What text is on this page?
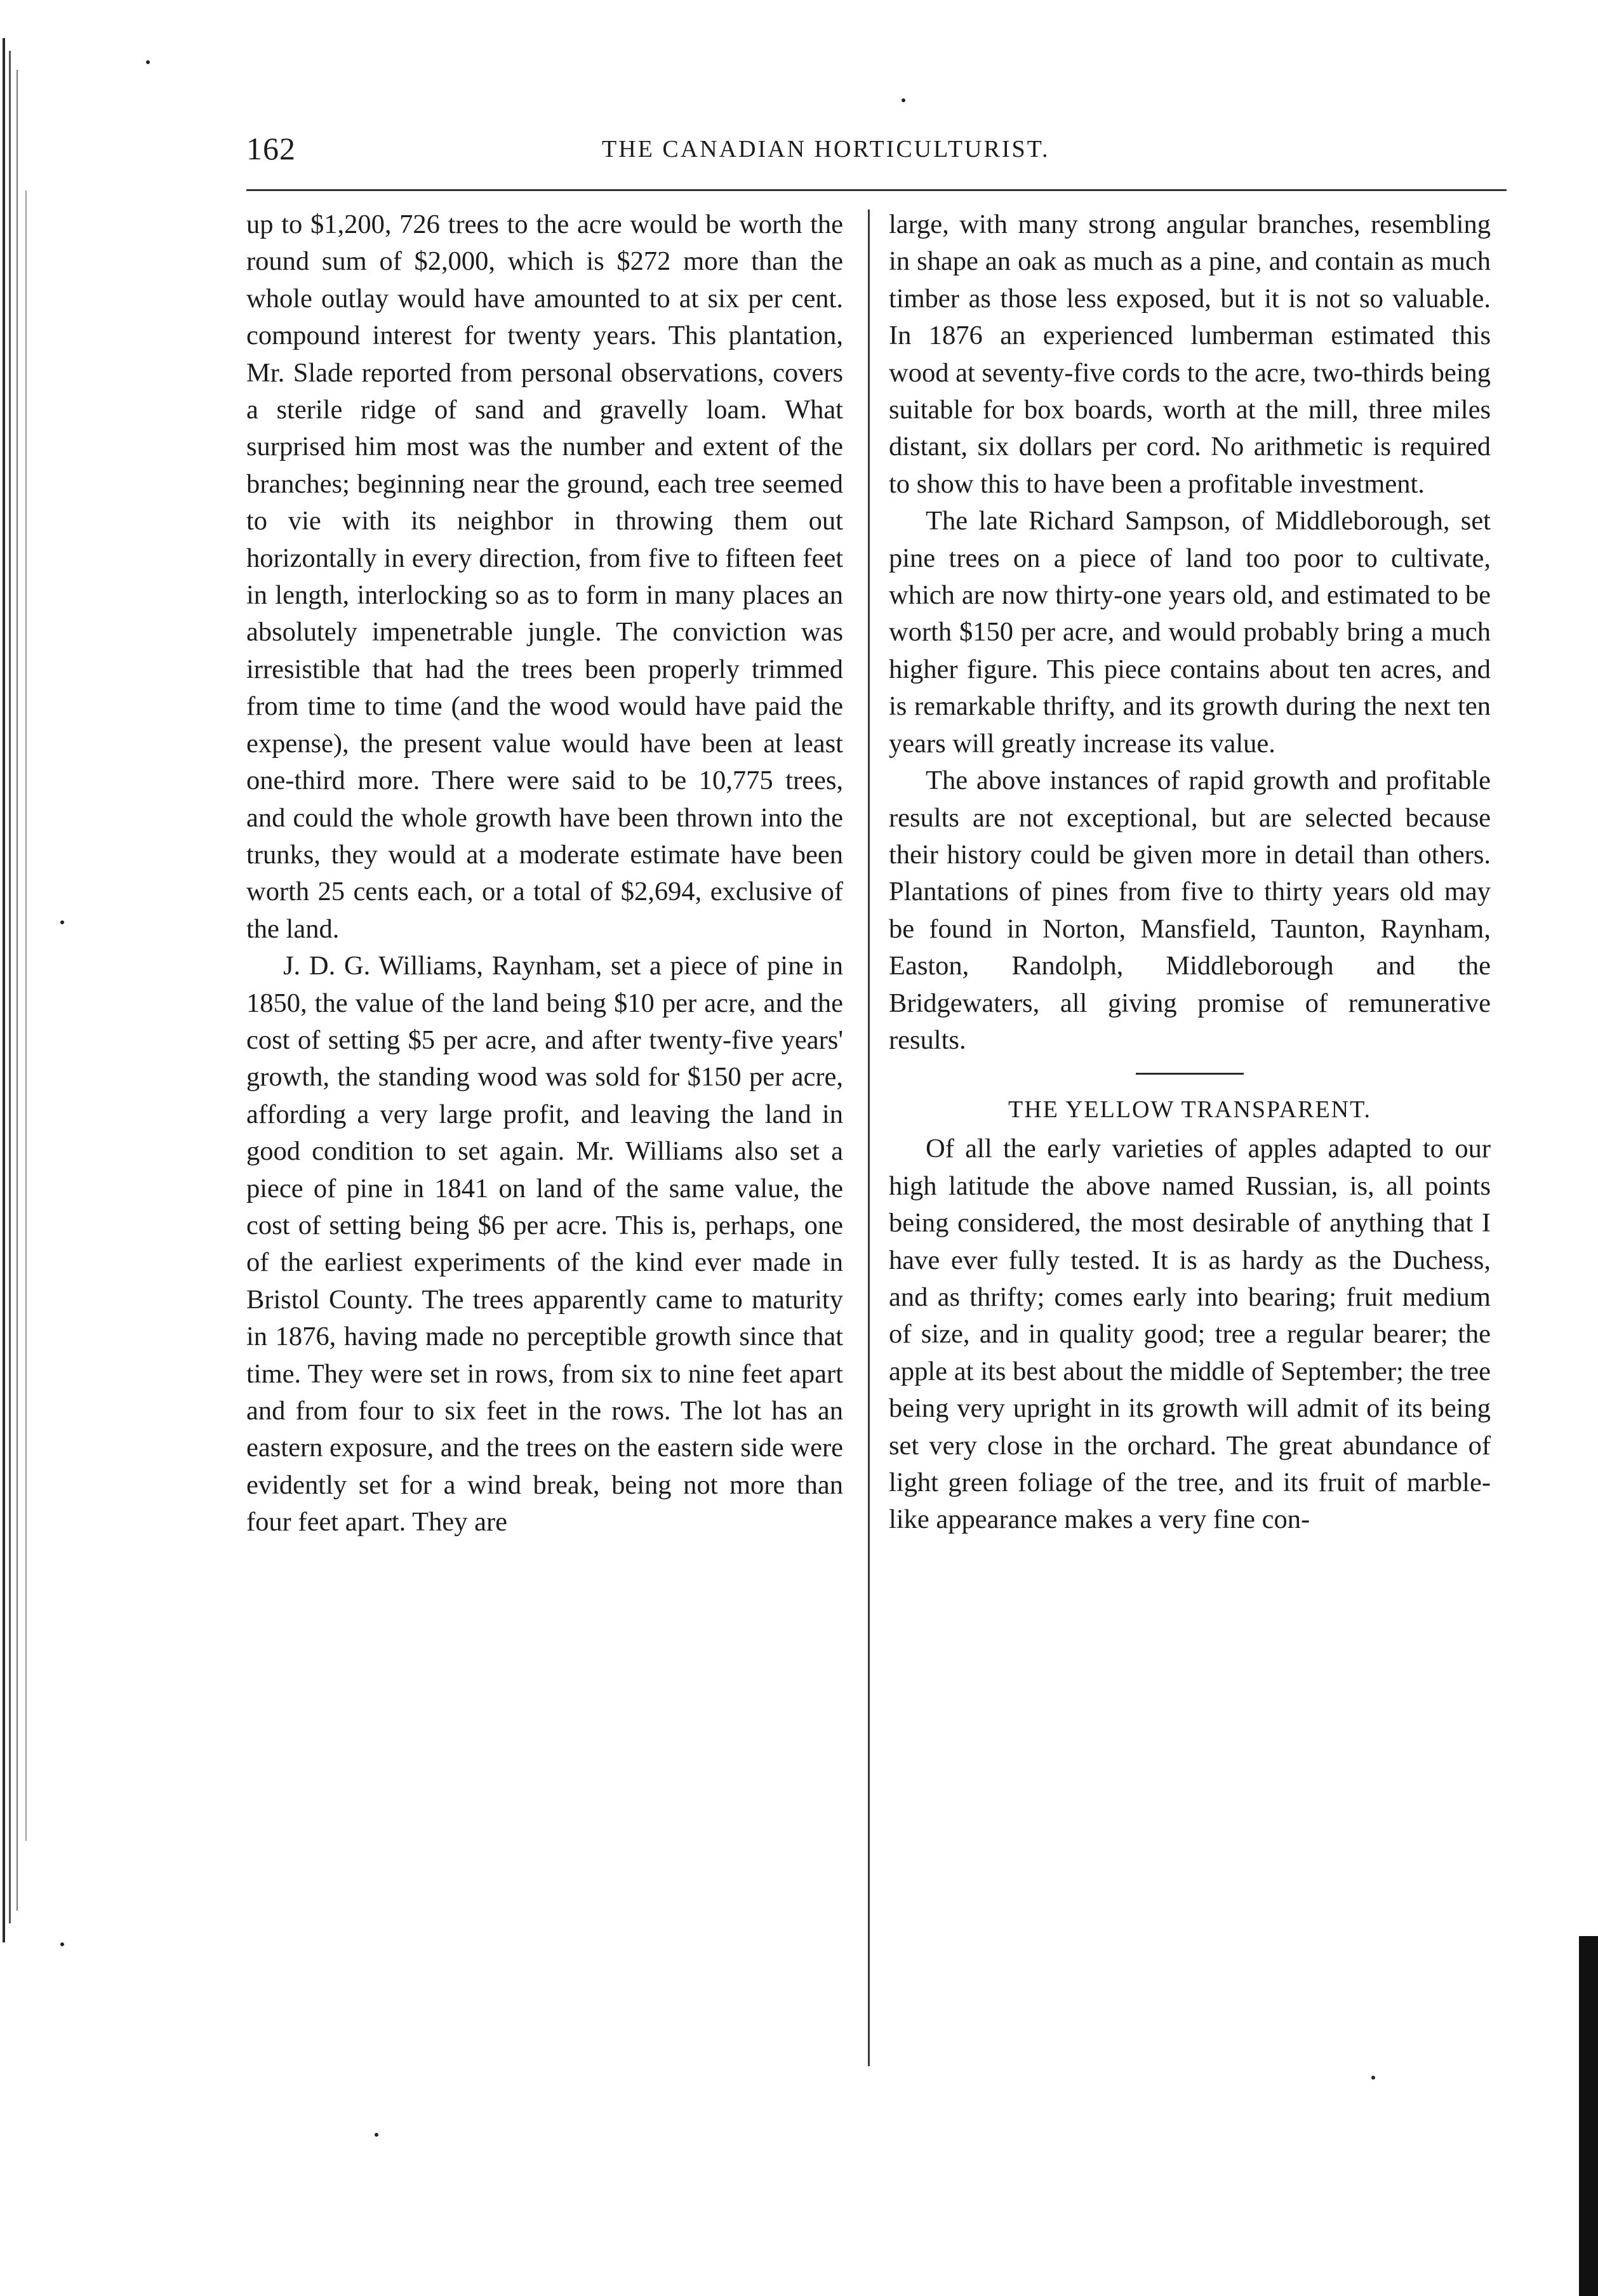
162	THE CANADIAN HORTICULTURIST.

up to $1,200, 726 trees to the acre would be worth the round sum of $2,000, which is $272 more than the whole outlay would have amounted to at six per cent. compound interest for twenty years. This plantation, Mr. Slade reported from personal observations, covers a sterile ridge of sand and gravelly loam. What surprised him most was the number and extent of the branches; beginning near the ground, each tree seemed to vie with its neighbor in throwing them out horizontally in every direction, from five to fifteen feet in length, interlocking so as to form in many places an absolutely impenetrable jungle. The conviction was irresistible that had the trees been properly trimmed from time to time (and the wood would have paid the expense), the present value would have been at least one-third more. There were said to be 10,775 trees, and could the whole growth have been thrown into the trunks, they would at a moderate estimate have been worth 25 cents each, or a total of $2,694, exclusive of the land.

J. D. G. Williams, Raynham, set a piece of pine in 1850, the value of the land being $10 per acre, and the cost of setting $5 per acre, and after twenty-five years' growth, the standing wood was sold for $150 per acre, affording a very large profit, and leaving the land in good condition to set again. Mr. Williams also set a piece of pine in 1841 on land of the same value, the cost of setting being $6 per acre. This is, perhaps, one of the earliest experiments of the kind ever made in Bristol County. The trees apparently came to maturity in 1876, having made no perceptible growth since that time. They were set in rows, from six to nine feet apart and from four to six feet in the rows. The lot has an eastern exposure, and the trees on the eastern side were evidently set for a wind break, being not more than four feet apart. They are

large, with many strong angular branches, resembling in shape an oak as much as a pine, and contain as much timber as those less exposed, but it is not so valuable. In 1876 an experienced lumberman estimated this wood at seventy-five cords to the acre, two-thirds being suitable for box boards, worth at the mill, three miles distant, six dollars per cord. No arithmetic is required to show this to have been a profitable investment.

The late Richard Sampson, of Middleborough, set pine trees on a piece of land too poor to cultivate, which are now thirty-one years old, and estimated to be worth $150 per acre, and would probably bring a much higher figure. This piece contains about ten acres, and is remarkable thrifty, and its growth during the next ten years will greatly increase its value.

The above instances of rapid growth and profitable results are not exceptional, but are selected because their history could be given more in detail than others. Plantations of pines from five to thirty years old may be found in Norton, Mansfield, Taunton, Raynham, Easton, Randolph, Middleborough and the Bridgewaters, all giving promise of remunerative results.

THE YELLOW TRANSPARENT.

Of all the early varieties of apples adapted to our high latitude the above named Russian, is, all points being considered, the most desirable of anything that I have ever fully tested. It is as hardy as the Duchess, and as thrifty; comes early into bearing; fruit medium of size, and in quality good; tree a regular bearer; the apple at its best about the middle of September; the tree being very upright in its growth will admit of its being set very close in the orchard. The great abundance of light green foliage of the tree, and its fruit of marble-like appearance makes a very fine con-
